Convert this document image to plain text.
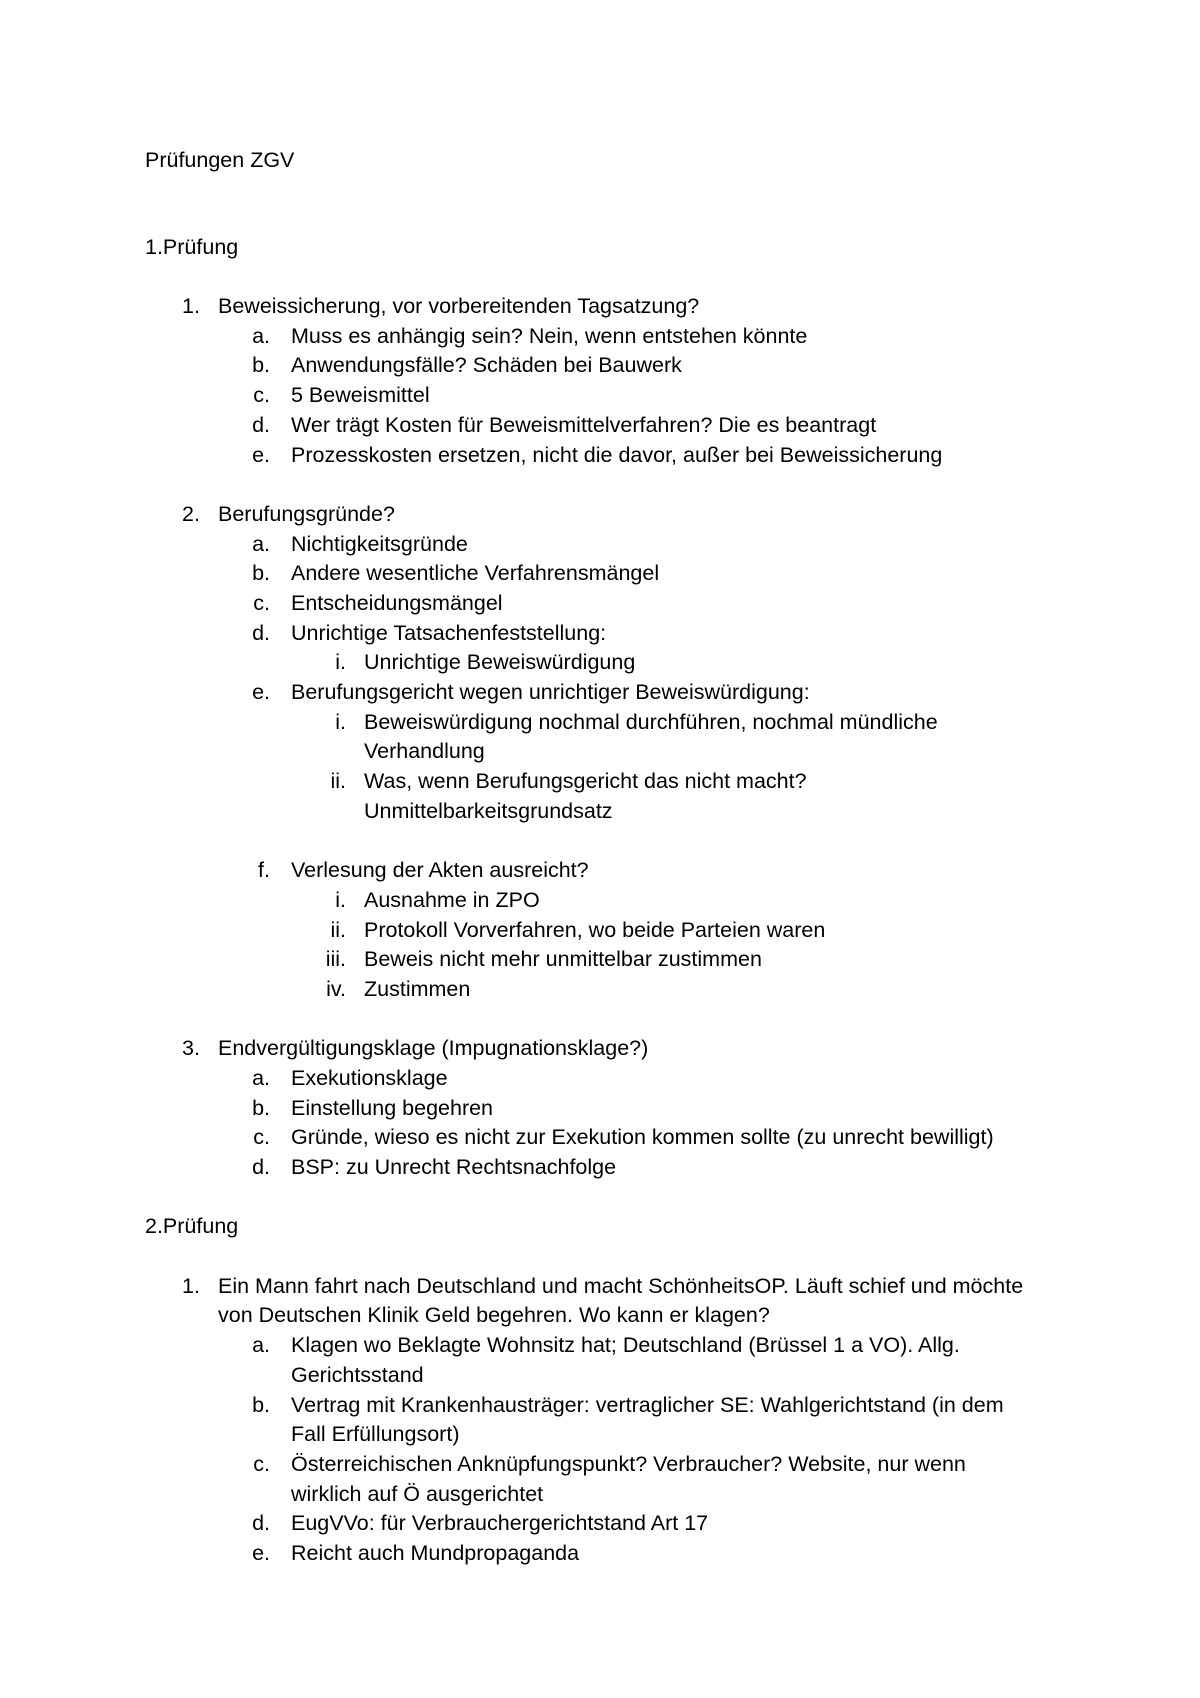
Prüfungen ZGV
1.Prüfung
1. Beweissicherung, vor vorbereitenden Tagsatzung?
a. Muss es anhängig sein? Nein, wenn entstehen könnte
b. Anwendungsfälle? Schäden bei Bauwerk
c. 5 Beweismittel
d. Wer trägt Kosten für Beweismittelverfahren? Die es beantragt
e. Prozesskosten ersetzen, nicht die davor, außer bei Beweissicherung
2. Berufungsgründe?
a. Nichtigkeitsgründe
b. Andere wesentliche Verfahrensmängel
c. Entscheidungsmängel
d. Unrichtige Tatsachenfeststellung:
i. Unrichtige Beweiswürdigung
e. Berufungsgericht wegen unrichtiger Beweiswürdigung:
i. Beweiswürdigung nochmal durchführen, nochmal mündliche
Verhandlung
ii. Was, wenn Berufungsgericht das nicht macht?
Unmittelbarkeitsgrundsatz
f. Verlesung der Akten ausreicht?
i. Ausnahme in ZPO
ii. Protokoll Vorverfahren, wo beide Parteien waren
iii. Beweis nicht mehr unmittelbar zustimmen
iv. Zustimmen
3. Endvergültigungsklage (Impugnationsklage?)
a. Exekutionsklage
b. Einstellung begehren
c. Gründe, wieso es nicht zur Exekution kommen sollte (zu unrecht bewilligt)
d. BSP: zu Unrecht Rechtsnachfolge
2.Prüfung
1. Ein Mann fahrt nach Deutschland und macht SchönheitsOP. Läuft schief und möchte
von Deutschen Klinik Geld begehren. Wo kann er klagen?
a. Klagen wo Beklagte Wohnsitz hat; Deutschland (Brüssel 1 a VO). Allg.
Gerichtsstand
b. Vertrag mit Krankenhausträger: vertraglicher SE: Wahlgerichtstand (in dem
Fall Erfüllungsort)
c. Österreichischen Anknüpfungspunkt? Verbraucher? Website, nur wenn
wirklich auf Ö ausgerichtet
d. EugVVo: für Verbrauchergerichtstand Art 17
e. Reicht auch Mundpropaganda
